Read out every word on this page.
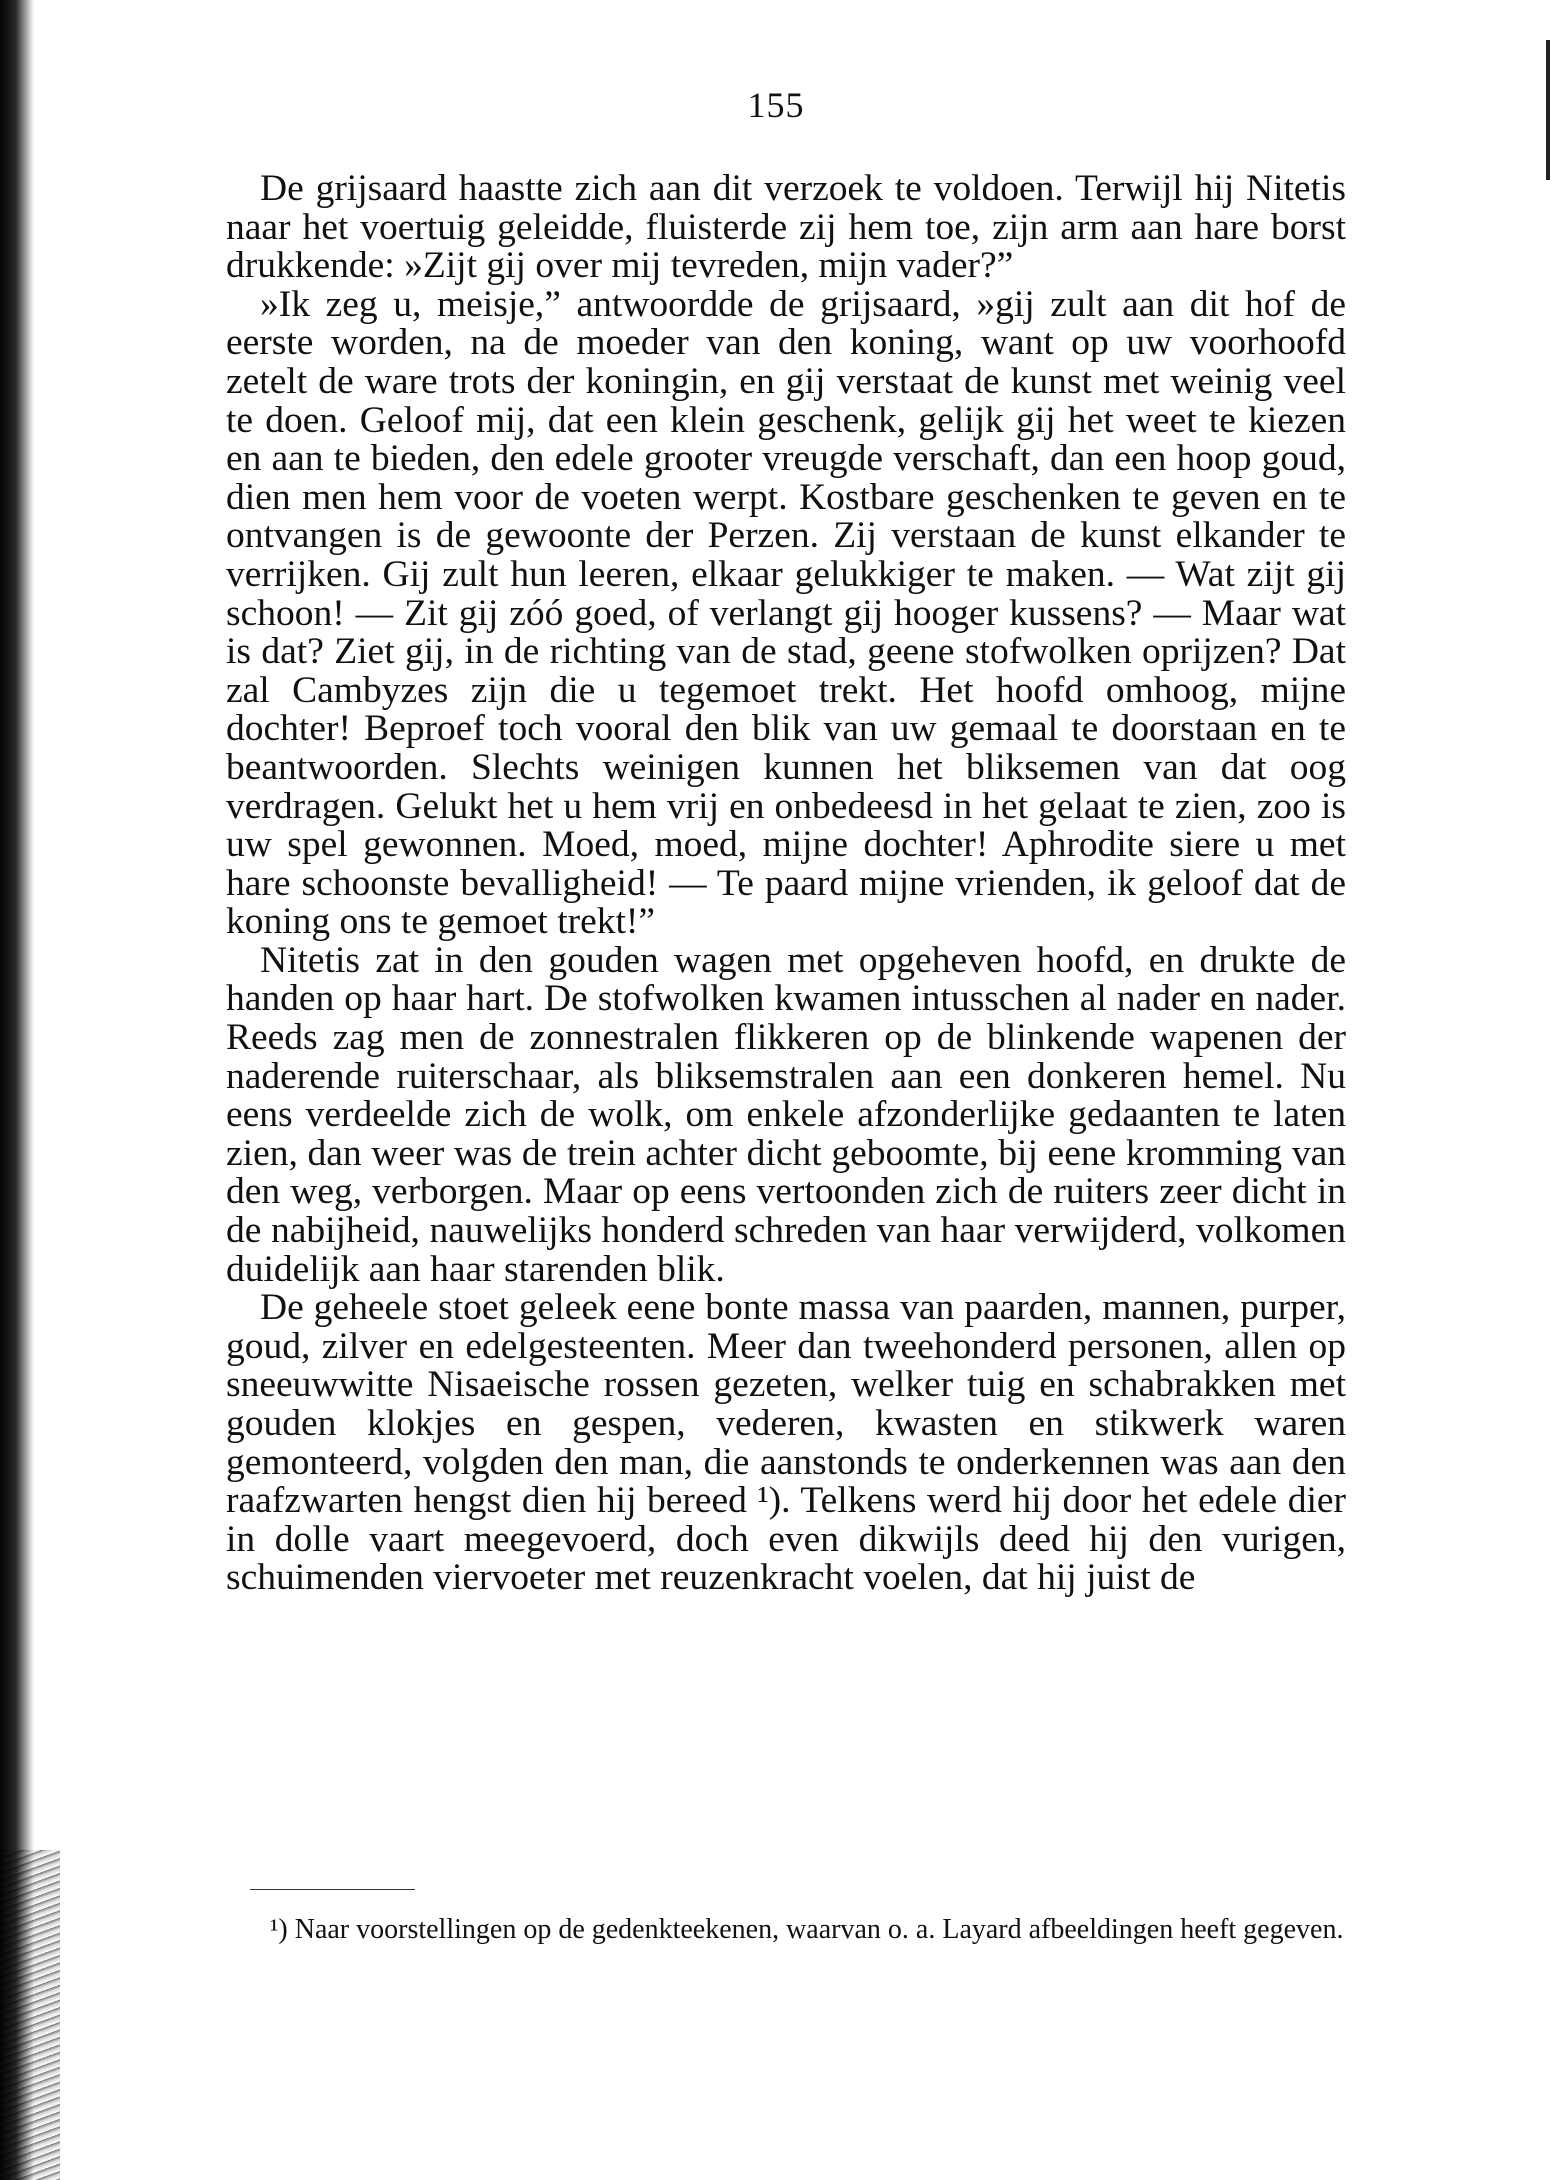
155

De grijsaard haastte zich aan dit verzoek te voldoen. Terwijl hij Nitetis naar het voertuig geleidde, fluisterde zij hem toe, zijn arm aan hare borst drukkende: »Zijt gij over mij tevreden, mijn vader?”

»Ik zeg u, meisje,” antwoordde de grijsaard, »gij zult aan dit hof de eerste worden, na de moeder van den koning, want op uw voorhoofd zetelt de ware trots der koningin, en gij verstaat de kunst met weinig veel te doen. Geloof mij, dat een klein geschenk, gelijk gij het weet te kiezen en aan te bieden, den edele grooter vreugde verschaft, dan een hoop goud, dien men hem voor de voeten werpt. Kostbare geschenken te geven en te ontvangen is de gewoonte der Perzen. Zij verstaan de kunst elkander te verrijken. Gij zult hun leeren, elkaar gelukkiger te maken. — Wat zijt gij schoon! — Zit gij zóó goed, of verlangt gij hooger kussens? — Maar wat is dat? Ziet gij, in de richting van de stad, geene stofwolken oprijzen? Dat zal Cambyzes zijn die u tegemoet trekt. Het hoofd omhoog, mijne dochter! Beproef toch vooral den blik van uw gemaal te doorstaan en te beantwoorden. Slechts weinigen kunnen het bliksemen van dat oog verdragen. Gelukt het u hem vrij en onbedeesd in het gelaat te zien, zoo is uw spel gewonnen. Moed, moed, mijne dochter! Aphrodite siere u met hare schoonste bevalligheid! — Te paard mijne vrienden, ik geloof dat de koning ons te gemoet trekt!”

Nitetis zat in den gouden wagen met opgeheven hoofd, en drukte de handen op haar hart. De stofwolken kwamen intusschen al nader en nader. Reeds zag men de zonnestralen flikkeren op de blinkende wapenen der naderende ruiterschaar, als bliksemstralen aan een donkeren hemel. Nu eens verdeelde zich de wolk, om enkele afzonderlijke gedaanten te laten zien, dan weer was de trein achter dicht geboomte, bij eene kromming van den weg, verborgen. Maar op eens vertoonden zich de ruiters zeer dicht in de nabijheid, nauwelijks honderd schreden van haar verwijderd, volkomen duidelijk aan haar starenden blik.

De geheele stoet geleek eene bonte massa van paarden, mannen, purper, goud, zilver en edelgesteenten. Meer dan tweehonderd personen, allen op sneeuwwitte Nisaeische rossen gezeten, welker tuig en schabrakken met gouden klokjes en gespen, vederen, kwasten en stikwerk waren gemonteerd, volgden den man, die aanstonds te onderkennen was aan den raafzwarten hengst dien hij bereed ¹). Telkens werd hij door het edele dier in dolle vaart meegevoerd, doch even dikwijls deed hij den vurigen, schuimenden viervoeter met reuzenkracht voelen, dat hij juist de

¹) Naar voorstellingen op de gedenkteekenen, waarvan o. a. Layard afbeeldingen heeft gegeven.
